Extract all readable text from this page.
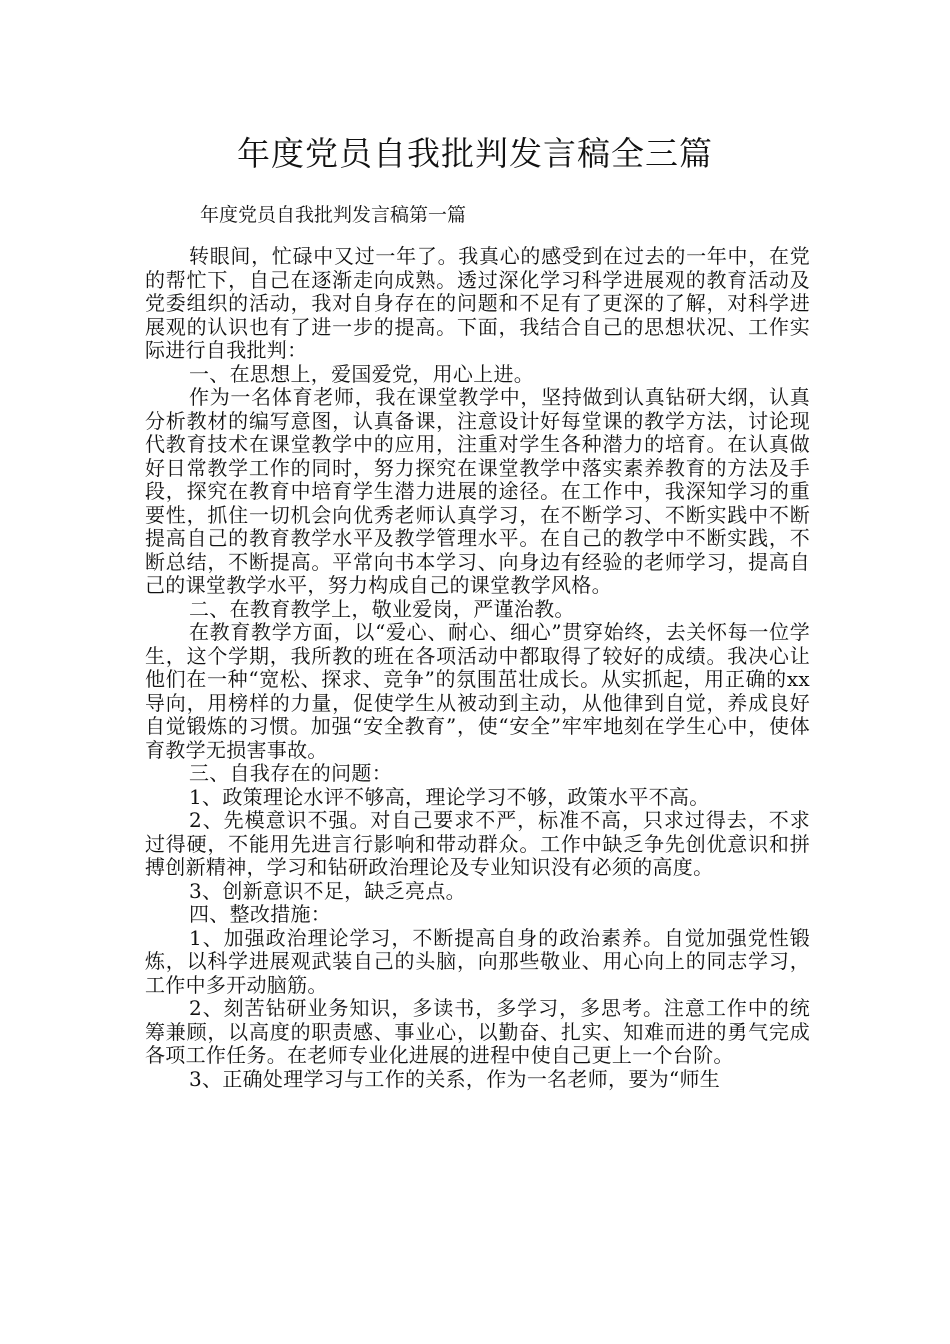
年度党员自我批判发言稿全三篇

年度党员自我批判发言稿第一篇

转眼间，忙碌中又过一年了。我真心的感受到在过去的一年中，在党的帮忙下，自己在逐渐走向成熟。透过深化学习科学进展观的教育活动及党委组织的活动，我对自身存在的问题和不足有了更深的了解，对科学进展观的认识也有了进一步的提高。下面，我结合自己的思想状况、工作实际进行自我批判：

一、在思想上，爱国爱党，用心上进。

作为一名体育老师，我在课堂教学中，坚持做到认真钻研大纲，认真分析教材的编写意图，认真备课，注意设计好每堂课的教学方法，讨论现代教育技术在课堂教学中的应用，注重对学生各种潜力的培育。在认真做好日常教学工作的同时，努力探究在课堂教学中落实素养教育的方法及手段，探究在教育中培育学生潜力进展的途径。在工作中，我深知学习的重要性，抓住一切机会向优秀老师认真学习，在不断学习、不断实践中不断提高自己的教育教学水平及教学管理水平。在自己的教学中不断实践，不断总结，不断提高。平常向书本学习、向身边有经验的老师学习，提高自己的课堂教学水平，努力构成自己的课堂教学风格。

二、在教育教学上，敬业爱岗，严谨治教。

在教育教学方面，以“爱心、耐心、细心”贯穿始终，去关怀每一位学生，这个学期，我所教的班在各项活动中都取得了较好的成绩。我决心让他们在一种“宽松、探求、竞争”的氛围茁壮成长。从实抓起，用正确的xx导向，用榜样的力量，促使学生从被动到主动，从他律到自觉，养成良好自觉锻炼的习惯。加强“安全教育”，使“安全”牢牢地刻在学生心中，使体育教学无损害事故。

三、自我存在的问题：

1、政策理论水评不够高，理论学习不够，政策水平不高。

2、先模意识不强。对自己要求不严，标准不高，只求过得去，不求过得硬，不能用先进言行影响和带动群众。工作中缺乏争先创优意识和拼搏创新精神，学习和钻研政治理论及专业知识没有必须的高度。

3、创新意识不足，缺乏亮点。

四、整改措施：

1、加强政治理论学习，不断提高自身的政治素养。自觉加强党性锻炼，以科学进展观武装自己的头脑，向那些敬业、用心向上的同志学习，工作中多开动脑筋。

2、刻苦钻研业务知识，多读书，多学习，多思考。注意工作中的统筹兼顾，以高度的职责感、事业心，以勤奋、扎实、知难而进的勇气完成各项工作任务。在老师专业化进展的进程中使自己更上一个台阶。

3、正确处理学习与工作的关系，作为一名老师，要为“师生
